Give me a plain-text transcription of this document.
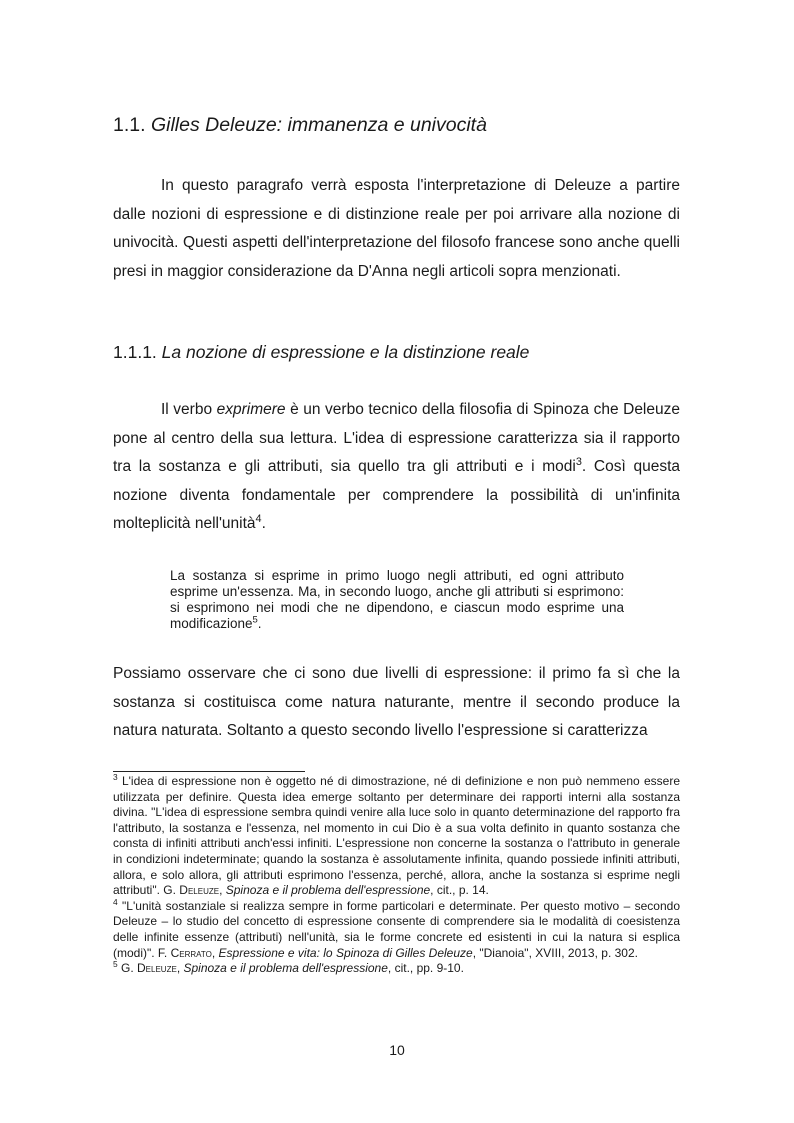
1.1. Gilles Deleuze: immanenza e univocità
In questo paragrafo verrà esposta l'interpretazione di Deleuze a partire dalle nozioni di espressione e di distinzione reale per poi arrivare alla nozione di univocità. Questi aspetti dell'interpretazione del filosofo francese sono anche quelli presi in maggior considerazione da D'Anna negli articoli sopra menzionati.
1.1.1. La nozione di espressione e la distinzione reale
Il verbo exprimere è un verbo tecnico della filosofia di Spinoza che Deleuze pone al centro della sua lettura. L'idea di espressione caratterizza sia il rapporto tra la sostanza e gli attributi, sia quello tra gli attributi e i modi$^3$. Così questa nozione diventa fondamentale per comprendere la possibilità di un'infinita molteplicità nell'unità$^4$.
La sostanza si esprime in primo luogo negli attributi, ed ogni attributo esprime un'essenza. Ma, in secondo luogo, anche gli attributi si esprimono: si esprimono nei modi che ne dipendono, e ciascun modo esprime una modificazione$^5$.
Possiamo osservare che ci sono due livelli di espressione: il primo fa sì che la sostanza si costituisca come natura naturante, mentre il secondo produce la natura naturata. Soltanto a questo secondo livello l'espressione si caratterizza

$^3$ L'idea di espressione non è oggetto né di dimostrazione, né di definizione e non può nemmeno essere utilizzata per definire. Questa idea emerge soltanto per determinare dei rapporti interni alla sostanza divina. "L'idea di espressione sembra quindi venire alla luce solo in quanto determinazione del rapporto fra l'attributo, la sostanza e l'essenza, nel momento in cui Dio è a sua volta definito in quanto sostanza che consta di infiniti attributi anch'essi infiniti. L'espressione non concerne la sostanza o l'attributo in generale in condizioni indeterminate; quando la sostanza è assolutamente infinita, quando possiede infiniti attributi, allora, e solo allora, gli attributi esprimono l'essenza, perché, allora, anche la sostanza si esprime negli attributi". G. Deleuze, Spinoza e il problema dell'espressione, cit., p. 14.

$^4$ "L'unità sostanziale si realizza sempre in forme particolari e determinate. Per questo motivo – secondo Deleuze – lo studio del concetto di espressione consente di comprendere sia le modalità di coesistenza delle infinite essenze (attributi) nell'unità, sia le forme concrete ed esistenti in cui la natura si esplica (modi)". F. Cerrato, Espressione e vita: lo Spinoza di Gilles Deleuze, "Dianoia", XVIII, 2013, p. 302.

$^5$ G. Deleuze, Spinoza e il problema dell'espressione, cit., pp. 9-10.

10
